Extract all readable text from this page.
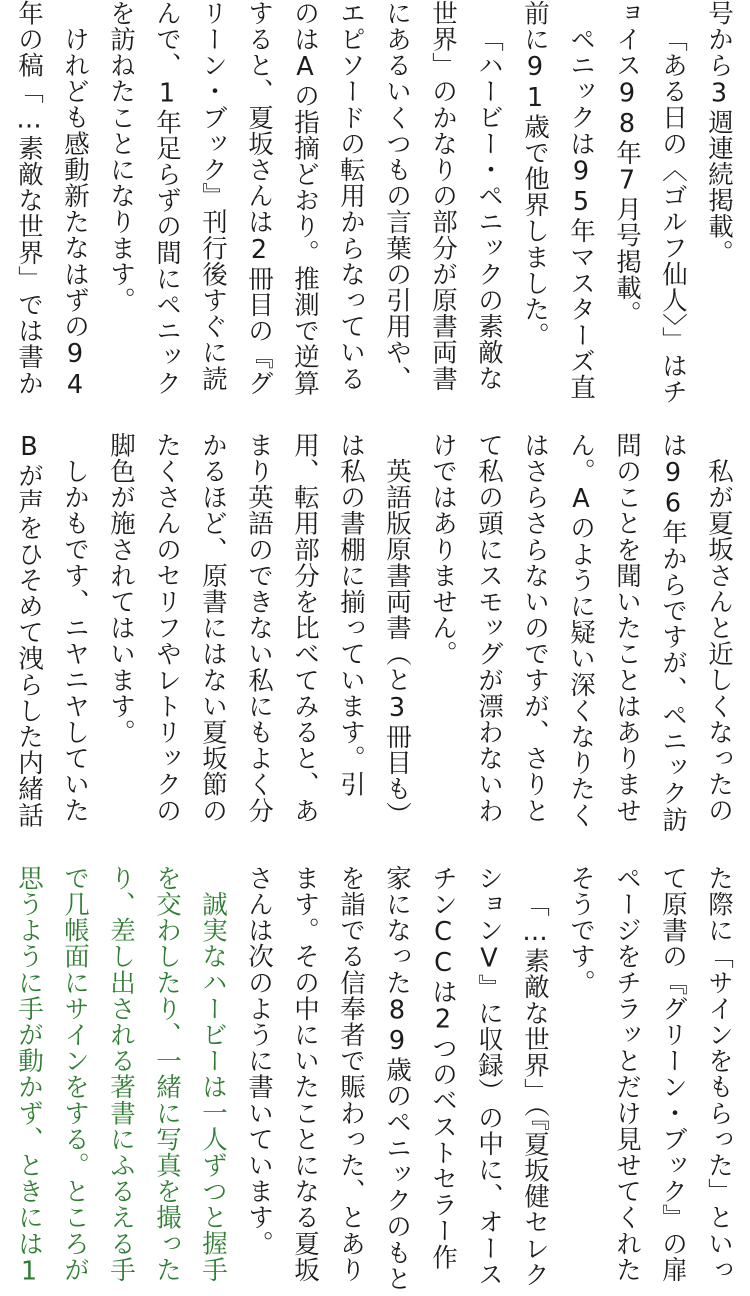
号から3週連続掲載。

「ある日の〈ゴルフ仙人〉」はチョイス98年7月号掲載。

ペニックは95年マスターズ直前に91歳で他界しました。

「ハービー・ペニックの素敵な世界」のかなりの部分が原書両書にあるいくつもの言葉の引用や、エピソードの転用からなっているのはAの指摘どおり。推測で逆算すると、夏坂さんは2冊目の『グリーン・ブック』刊行後すぐに読んで、1年足らずの間にペニックを訪ねたことになります。

けれども感動新たなはずの94年の稿「…素敵な世界」では書か

私が夏坂さんと近しくなったのは96年からですが、ペニック訪問のことを聞いたことはありません。Aのように疑い深くなりたくはさらさらないのですが、さりとて私の頭にスモッグが漂わないわけではありません。

英語版原書両書（と3冊目も）は私の書棚に揃っています。引用、転用部分を比べてみると、あまり英語のできない私にもよく分かるほど、原書にはない夏坂節のたくさんのセリフやレトリックの脚色が施されてはいます。

しかもです、ニヤニヤしていたBが声をひそめて洩らした内緒話

た際に「サインをもらった」といって原書の『グリーン・ブック』の扉ページをチラッとだけ見せてくれたそうです。

「…素敵な世界」（『夏坂健セレクションⅤ』に収録）の中に、オースチンCCは2つのベストセラー作家になった89歳のペニックのもとを詣でる信奉者で賑わった、とあります。その中にいたことになる夏坂さんは次のように書いています。

誠実なハービーは一人ずつと握手を交わしたり、一緒に写真を撮ったり、差し出される著書にふるえる手で几帳面にサインをする。ところが思うように手が動かず、ときには1
